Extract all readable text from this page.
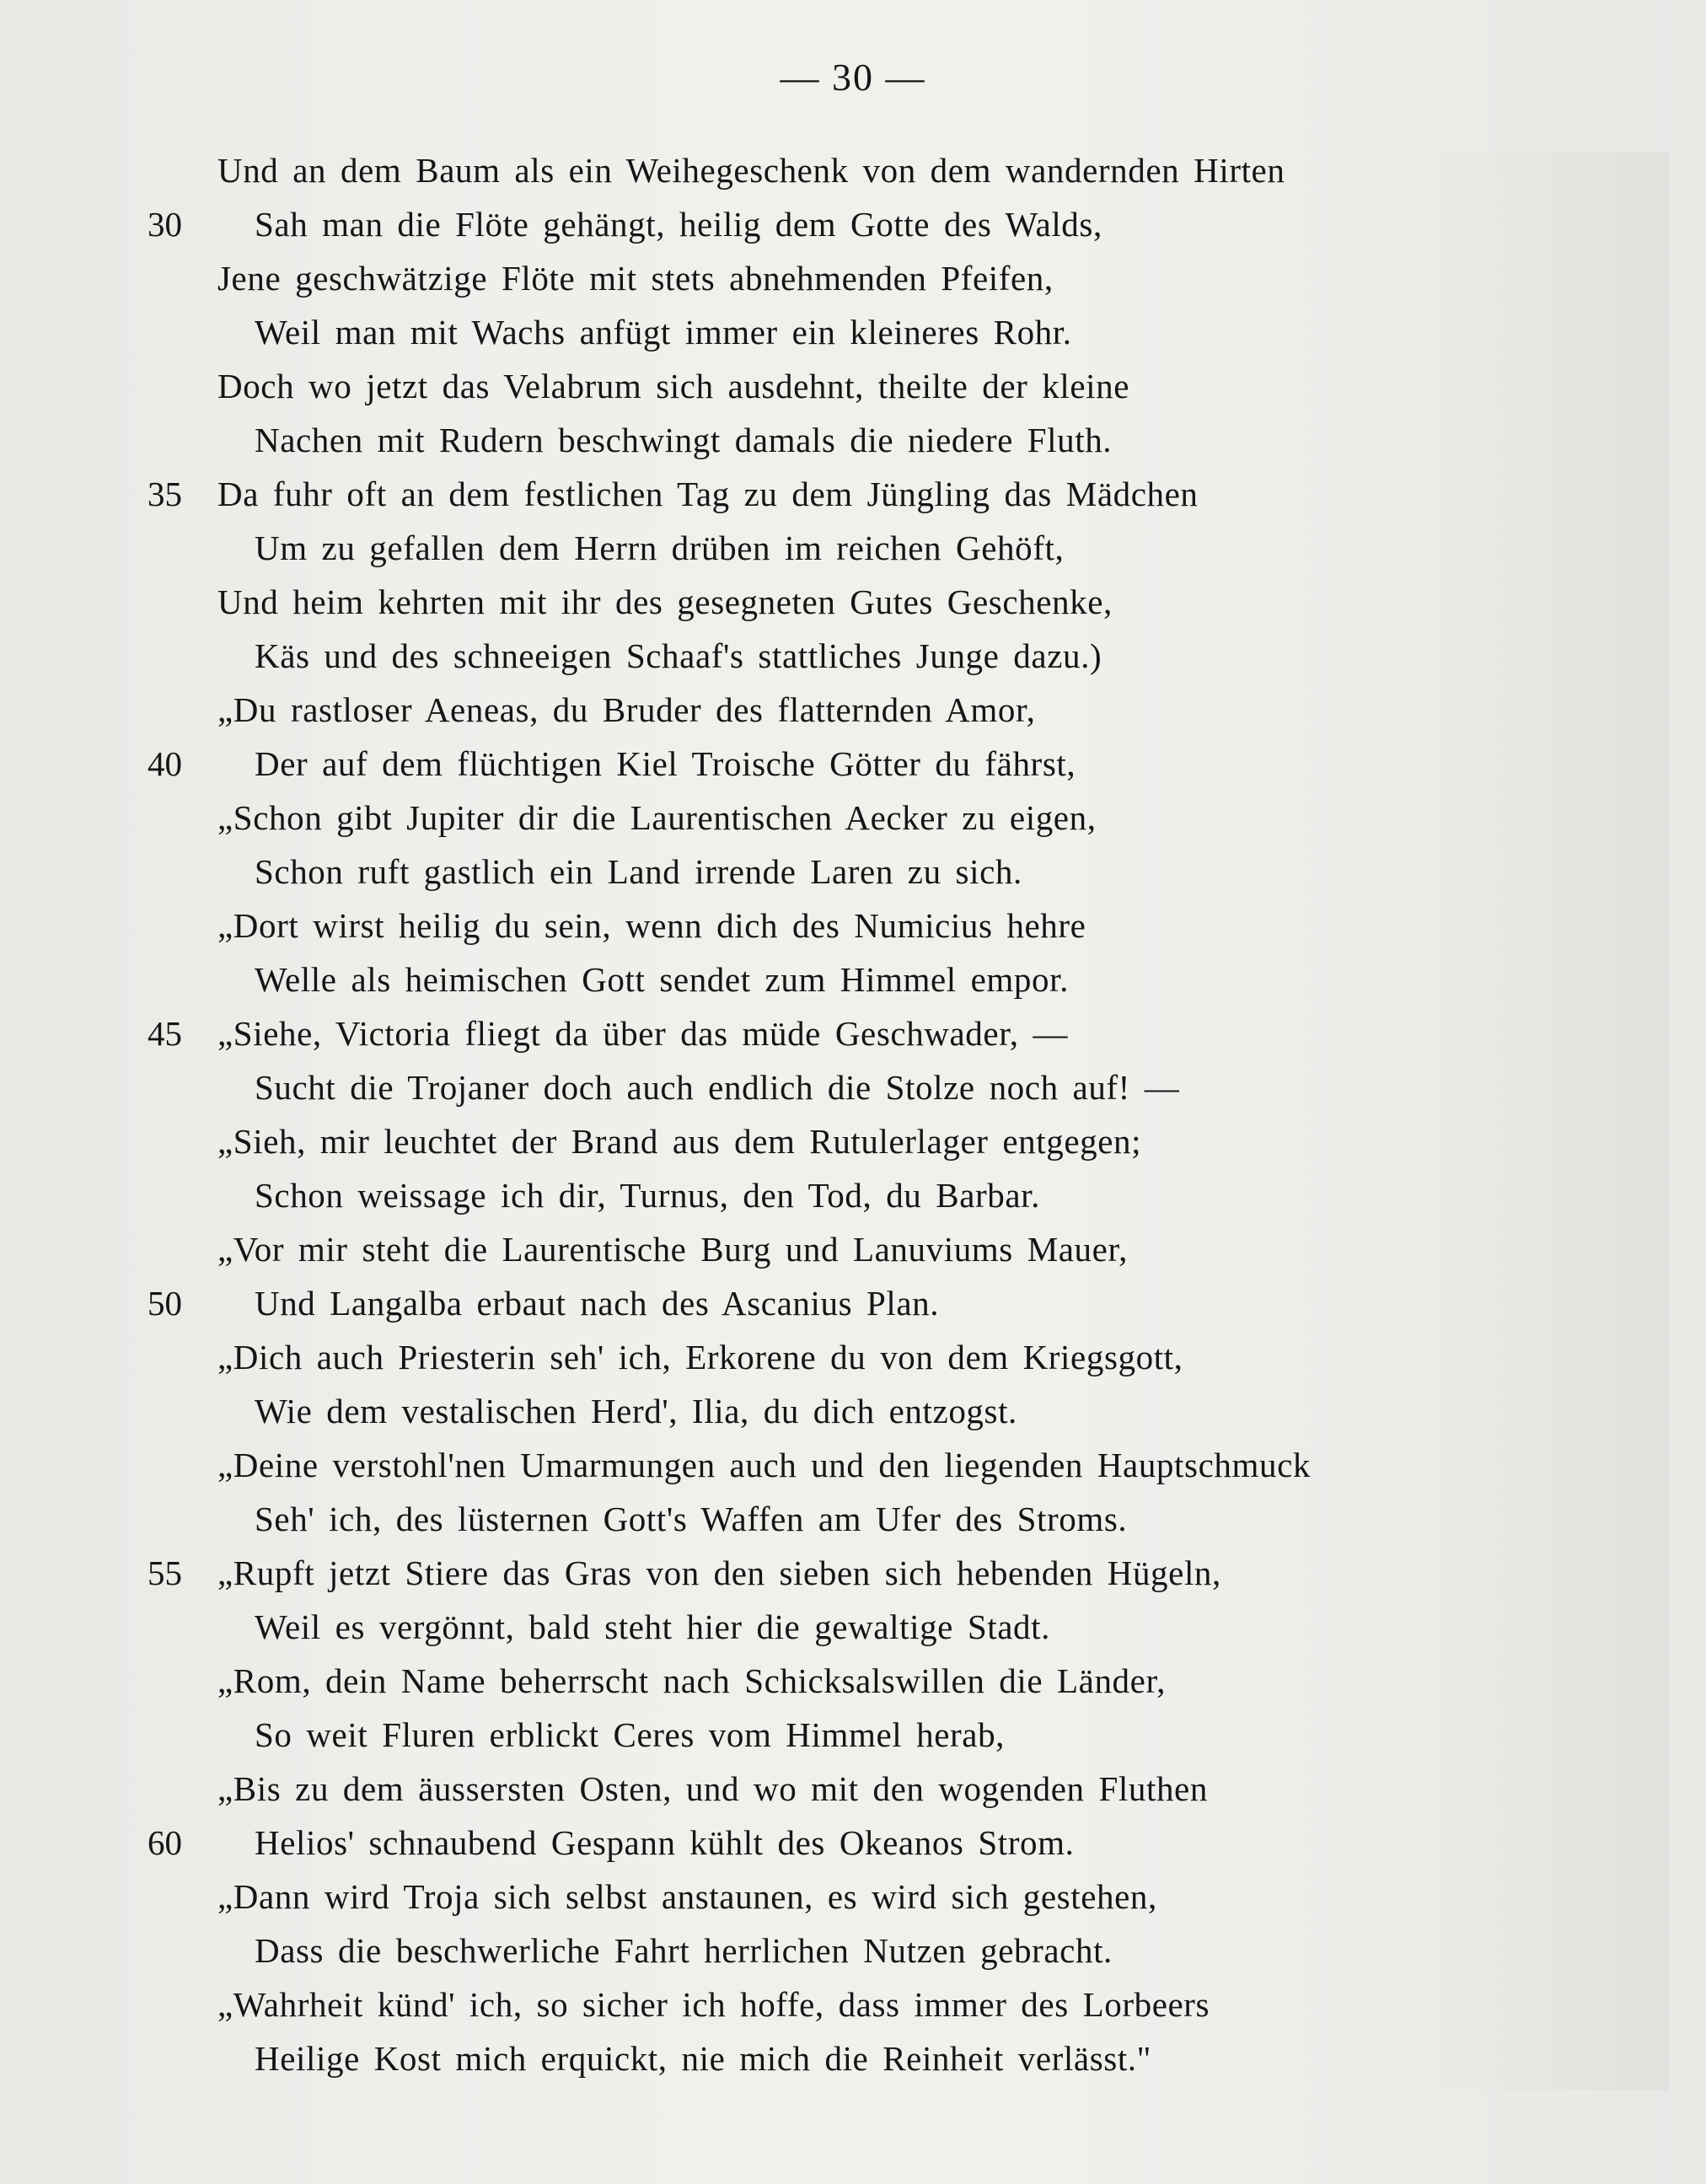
— 30 —
Und an dem Baum als ein Weihegeschenk von dem wandernden Hirten
30	Sah man die Flöte gehängt, heilig dem Gotte des Walds,
Jene geschwätzige Flöte mit stets abnehmenden Pfeifen,
Weil man mit Wachs anfügt immer ein kleineres Rohr.
Doch wo jetzt das Velabrum sich ausdehnt, theilte der kleine
Nachen mit Rudern beschwingt damals die niedere Fluth.
35	Da fuhr oft an dem festlichen Tag zu dem Jüngling das Mädchen
Um zu gefallen dem Herrn drüben im reichen Gehöft,
Und heim kehrten mit ihr des gesegneten Gutes Geschenke,
Käs und des schneeigen Schaaf's stattliches Junge dazu.)
„Du rastloser Aeneas, du Bruder des flatternden Amor,
40	Der auf dem flüchtigen Kiel Troische Götter du fährst,
„Schon gibt Jupiter dir die Laurentischen Aecker zu eigen,
Schon ruft gastlich ein Land irrende Laren zu sich.
„Dort wirst heilig du sein, wenn dich des Numicius hehre
Welle als heimischen Gott sendet zum Himmel empor.
45	„Siehe, Victoria fliegt da über das müde Geschwader, —
Sucht die Trojaner doch auch endlich die Stolze noch auf! —
„Sieh, mir leuchtet der Brand aus dem Rutulerlager entgegen;
Schon weissage ich dir, Turnus, den Tod, du Barbar.
„Vor mir steht die Laurentische Burg und Lanuviums Mauer,
50	Und Langalba erbaut nach des Ascanius Plan.
„Dich auch Priesterin seh' ich, Erkorene du von dem Kriegsgott,
Wie dem vestalischen Herd', Ilia, du dich entzogst.
„Deine verstohl'nen Umarmungen auch und den liegenden Hauptschmuck
Seh' ich, des lüsternen Gott's Waffen am Ufer des Stroms.
55	„Rupft jetzt Stiere das Gras von den sieben sich hebenden Hügeln,
Weil es vergönnt, bald steht hier die gewaltige Stadt.
„Rom, dein Name beherrscht nach Schicksalswillen die Länder,
So weit Fluren erblickt Ceres vom Himmel herab,
„Bis zu dem äussersten Osten, und wo mit den wogenden Fluthen
60	Helios' schnaubend Gespann kühlt des Okeanos Strom.
„Dann wird Troja sich selbst anstaunen, es wird sich gestehen,
Dass die beschwerliche Fahrt herrlichen Nutzen gebracht.
„Wahrheit künd' ich, so sicher ich hoffe, dass immer des Lorbeers
Heilige Kost mich erquickt, nie mich die Reinheit verlässt."
